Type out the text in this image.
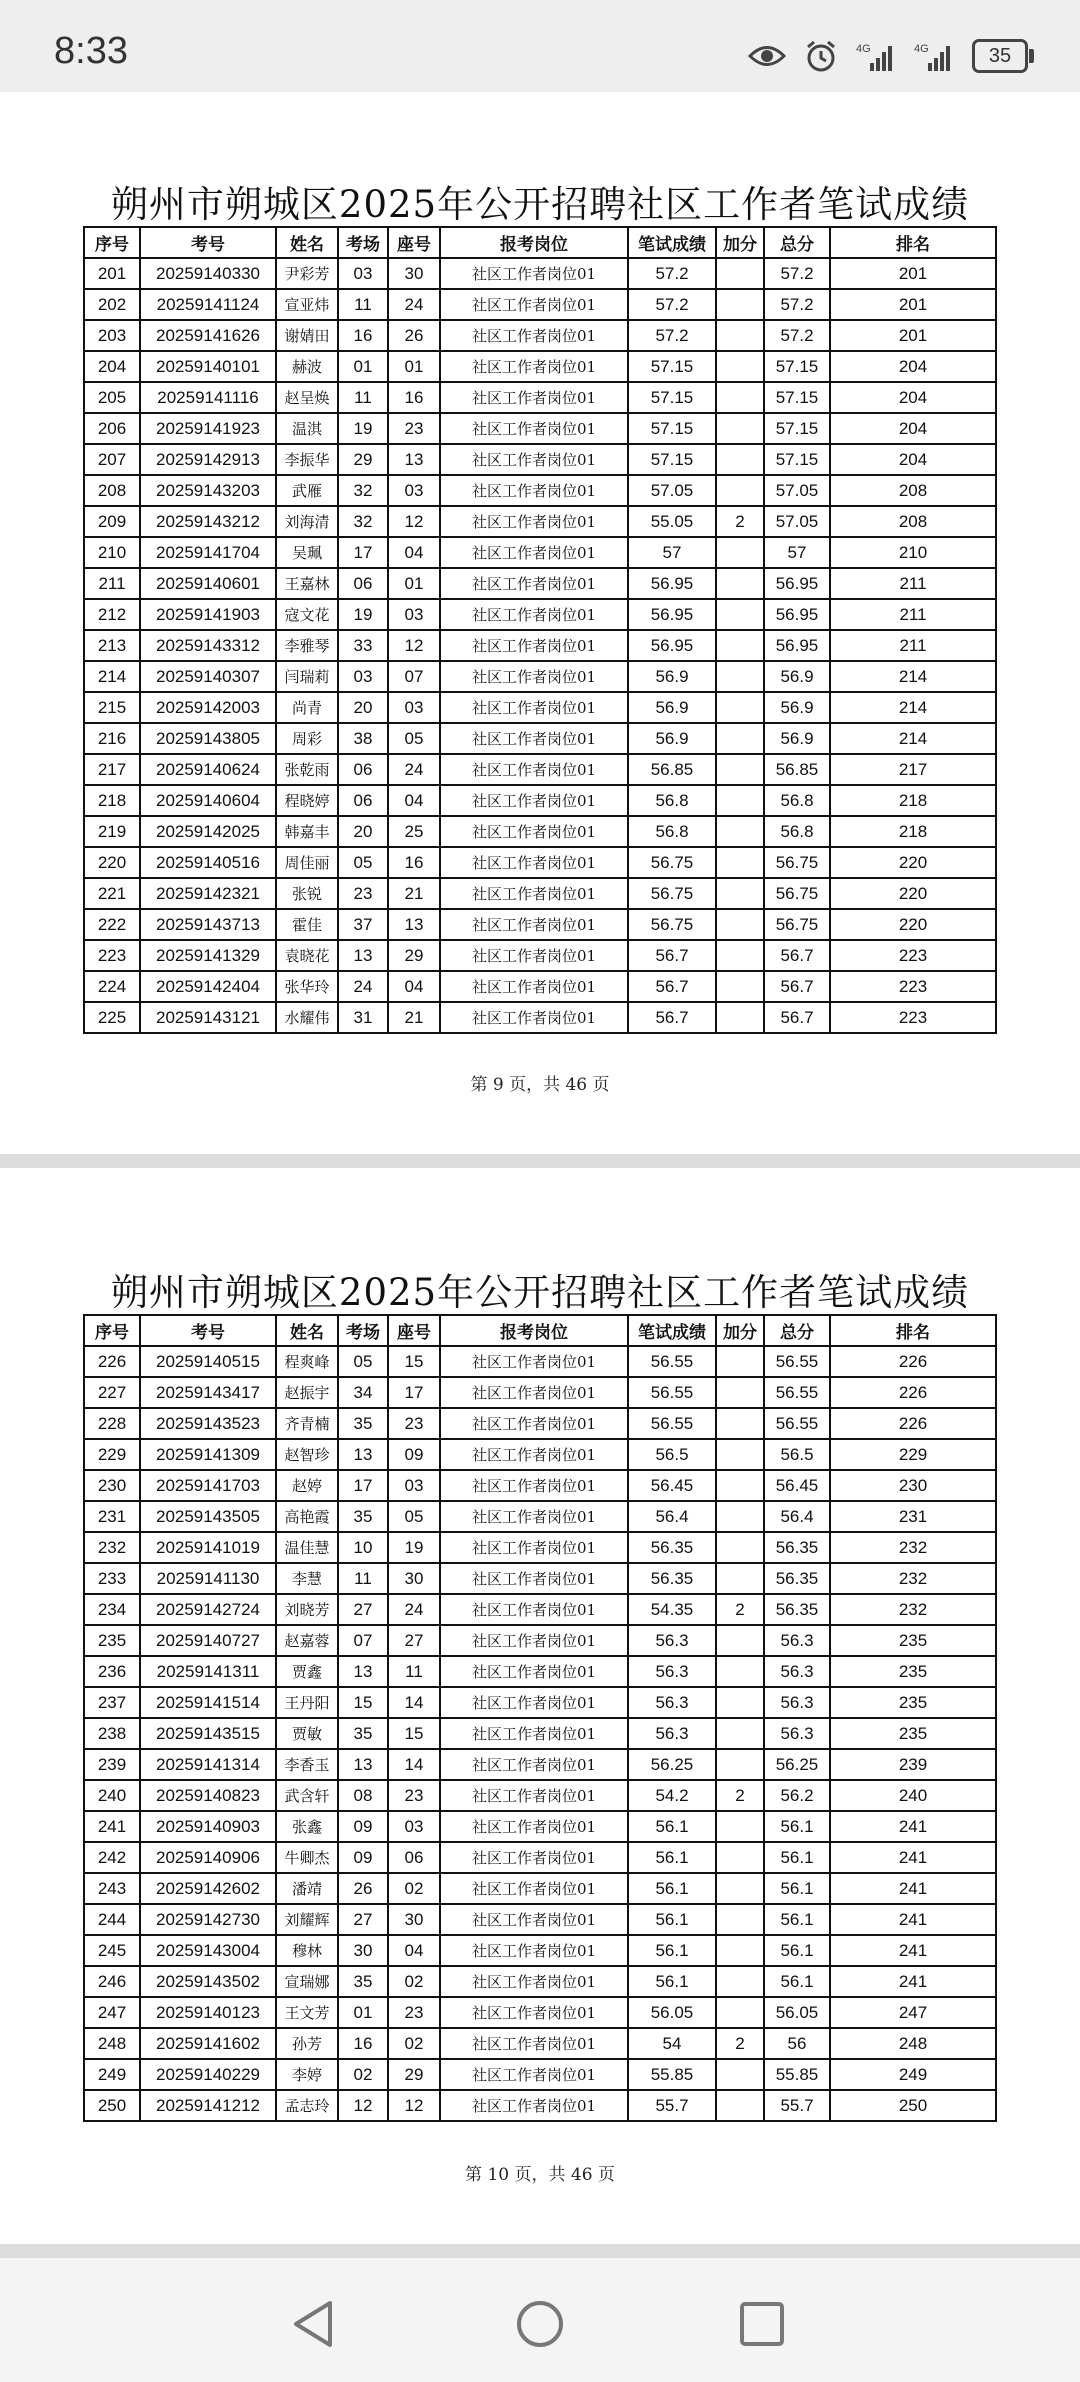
8:33	4G	4G	35
朔州市朔城区2025年公开招聘社区工作者笔试成绩
序号	考号	姓名	考场	座号	报考岗位	笔试成绩	加分	总分	排名
201	20259140330	尹彩芳	03	30	社区工作者岗位01	57.2		57.2	201
202	20259141124	宣亚炜	11	24	社区工作者岗位01	57.2		57.2	201
203	20259141626	谢婧田	16	26	社区工作者岗位01	57.2		57.2	201
204	20259140101	赫波	01	01	社区工作者岗位01	57.15		57.15	204
205	20259141116	赵呈焕	11	16	社区工作者岗位01	57.15		57.15	204
206	20259141923	温淇	19	23	社区工作者岗位01	57.15		57.15	204
207	20259142913	李振华	29	13	社区工作者岗位01	57.15		57.15	204
208	20259143203	武雁	32	03	社区工作者岗位01	57.05		57.05	208
209	20259143212	刘海清	32	12	社区工作者岗位01	55.05	2	57.05	208
210	20259141704	吴珮	17	04	社区工作者岗位01	57		57	210
211	20259140601	王嘉林	06	01	社区工作者岗位01	56.95		56.95	211
212	20259141903	寇文花	19	03	社区工作者岗位01	56.95		56.95	211
213	20259143312	李雅琴	33	12	社区工作者岗位01	56.95		56.95	211
214	20259140307	闫瑞莉	03	07	社区工作者岗位01	56.9		56.9	214
215	20259142003	尚青	20	03	社区工作者岗位01	56.9		56.9	214
216	20259143805	周彩	38	05	社区工作者岗位01	56.9		56.9	214
217	20259140624	张乾雨	06	24	社区工作者岗位01	56.85		56.85	217
218	20259140604	程晓婷	06	04	社区工作者岗位01	56.8		56.8	218
219	20259142025	韩嘉丰	20	25	社区工作者岗位01	56.8		56.8	218
220	20259140516	周佳丽	05	16	社区工作者岗位01	56.75		56.75	220
221	20259142321	张锐	23	21	社区工作者岗位01	56.75		56.75	220
222	20259143713	霍佳	37	13	社区工作者岗位01	56.75		56.75	220
223	20259141329	袁晓花	13	29	社区工作者岗位01	56.7		56.7	223
224	20259142404	张华玲	24	04	社区工作者岗位01	56.7		56.7	223
225	20259143121	水耀伟	31	21	社区工作者岗位01	56.7		56.7	223
第 9 页，共 46 页
朔州市朔城区2025年公开招聘社区工作者笔试成绩
序号	考号	姓名	考场	座号	报考岗位	笔试成绩	加分	总分	排名
226	20259140515	程爽峰	05	15	社区工作者岗位01	56.55		56.55	226
227	20259143417	赵振宇	34	17	社区工作者岗位01	56.55		56.55	226
228	20259143523	齐青楠	35	23	社区工作者岗位01	56.55		56.55	226
229	20259141309	赵智珍	13	09	社区工作者岗位01	56.5		56.5	229
230	20259141703	赵婷	17	03	社区工作者岗位01	56.45		56.45	230
231	20259143505	高艳霞	35	05	社区工作者岗位01	56.4		56.4	231
232	20259141019	温佳慧	10	19	社区工作者岗位01	56.35		56.35	232
233	20259141130	李慧	11	30	社区工作者岗位01	56.35		56.35	232
234	20259142724	刘晓芳	27	24	社区工作者岗位01	54.35	2	56.35	232
235	20259140727	赵嘉蓉	07	27	社区工作者岗位01	56.3		56.3	235
236	20259141311	贾鑫	13	11	社区工作者岗位01	56.3		56.3	235
237	20259141514	王丹阳	15	14	社区工作者岗位01	56.3		56.3	235
238	20259143515	贾敏	35	15	社区工作者岗位01	56.3		56.3	235
239	20259141314	李香玉	13	14	社区工作者岗位01	56.25		56.25	239
240	20259140823	武含轩	08	23	社区工作者岗位01	54.2	2	56.2	240
241	20259140903	张鑫	09	03	社区工作者岗位01	56.1		56.1	241
242	20259140906	牛卿杰	09	06	社区工作者岗位01	56.1		56.1	241
243	20259142602	潘靖	26	02	社区工作者岗位01	56.1		56.1	241
244	20259142730	刘耀辉	27	30	社区工作者岗位01	56.1		56.1	241
245	20259143004	穆林	30	04	社区工作者岗位01	56.1		56.1	241
246	20259143502	宣瑞娜	35	02	社区工作者岗位01	56.1		56.1	241
247	20259140123	王文芳	01	23	社区工作者岗位01	56.05		56.05	247
248	20259141602	孙芳	16	02	社区工作者岗位01	54	2	56	248
249	20259140229	李婷	02	29	社区工作者岗位01	55.85		55.85	249
250	20259141212	孟志玲	12	12	社区工作者岗位01	55.7		55.7	250
第 10 页，共 46 页
